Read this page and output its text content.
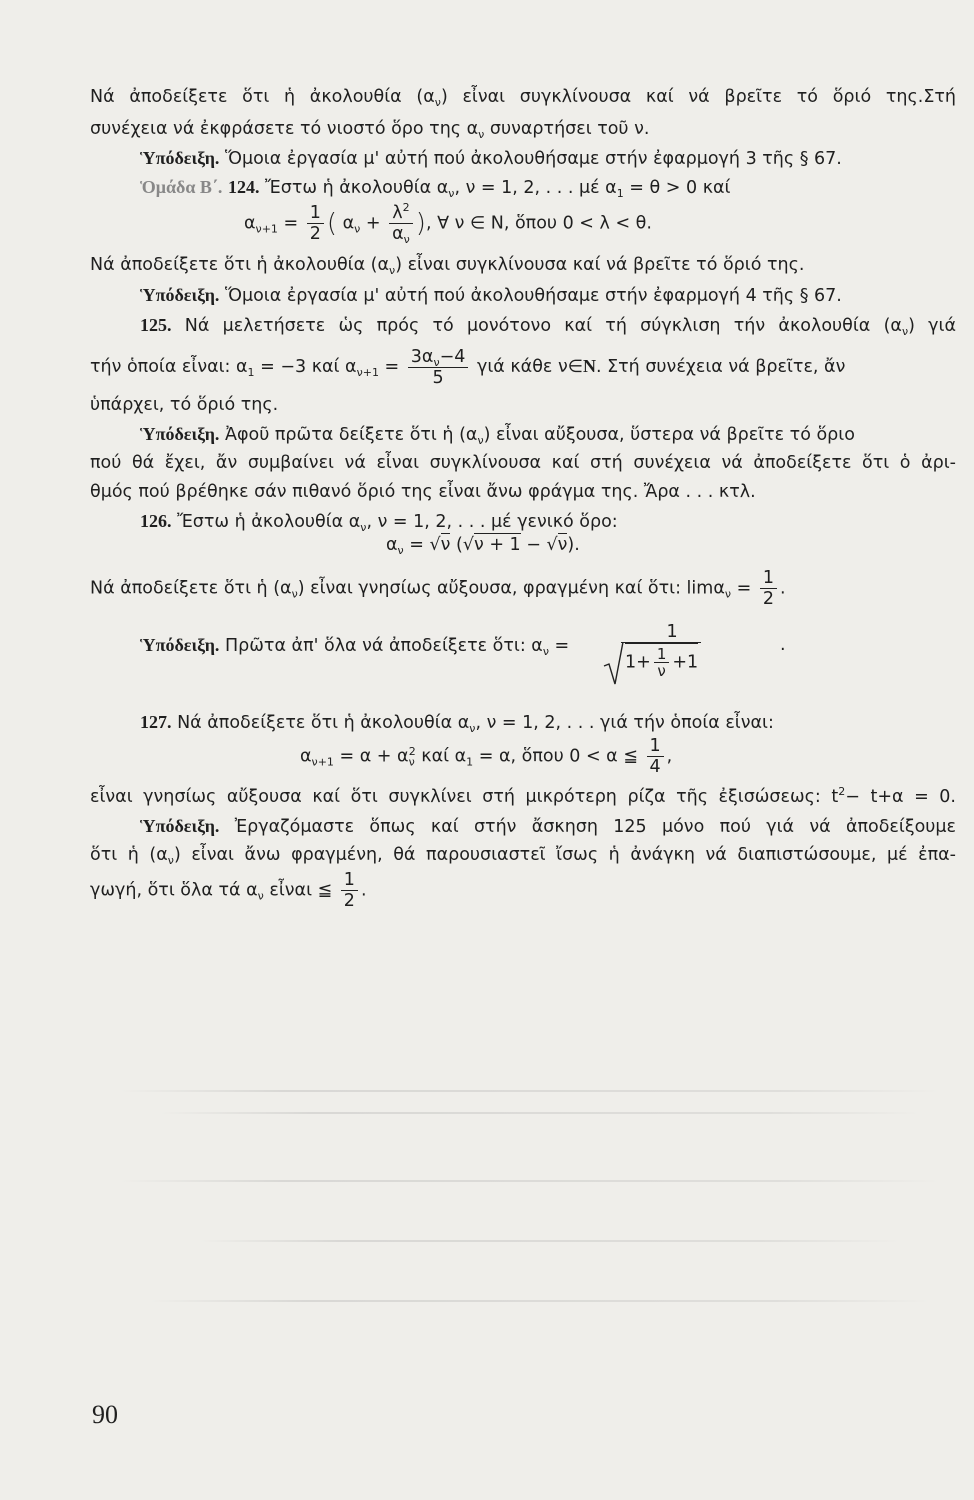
Νά ἀποδείξετε ὅτι ἡ ἀκολουθία $(\alpha_\nu)$ εἶναι συγκλίνουσα καί νά βρεῖτε τό ὅριό της.Στή
συνέχεια νά ἐκφράσετε τό νιοστό ὅρο της $\alpha_\nu$ συναρτήσει τοῦ ν.
Ὑπόδειξη. Ὅμοια ἐργασία μ' αὐτή πού ἀκολουθήσαμε στήν ἐφαρμογή 3 τῆς § 67.
Ὁμάδα Β΄. 124. Ἔστω ἡ ἀκολουθία $\alpha_\nu$, ν = 1, 2, . . . μέ $\alpha_1 = \theta > 0$ καί
$\alpha_{\nu+1} = \frac{1}{2}$ ( $\alpha_\nu + \frac{\lambda^2}{\alpha_\nu}$ ), ∀ ν ∈ N, ὅπου 0 < λ < θ.
Νά ἀποδείξετε ὅτι ἡ ἀκολουθία $(\alpha_\nu)$ εἶναι συγκλίνουσα καί νά βρεῖτε τό ὅριό της.
Ὑπόδειξη. Ὅμοια ἐργασία μ' αὐτή πού ἀκολουθήσαμε στήν ἐφαρμογή 4 τῆς § 67.
125. Νά μελετήσετε ὡς πρός τό μονότονο καί τή σύγκλιση τήν ἀκολουθία $(\alpha_\nu)$ γιά
τήν ὁποία εἶναι: $\alpha_1 = -3$ καί $\alpha_{\nu+1} = \frac{3\alpha_\nu-4}{5}$ γιά κάθε ν∈N. Στή συνέχεια νά βρεῖτε, ἄν
ὑπάρχει, τό ὅριό της.
Ὑπόδειξη. Ἀφοῦ πρῶτα δείξετε ὅτι ἡ $(\alpha_\nu)$ εἶναι αὔξουσα, ὕστερα νά βρεῖτε τό ὅριο
πού θά ἔχει, ἄν συμβαίνει νά εἶναι συγκλίνουσα καί στή συνέχεια νά ἀποδείξετε ὅτι ὁ ἀρι-
θμός πού βρέθηκε σάν πιθανό ὅριό της εἶναι ἄνω φράγμα της. Ἄρα . . . κτλ.
126. Ἔστω ἡ ἀκολουθία $\alpha_\nu$, ν = 1, 2, . . . μέ γενικό ὅρο:
$\alpha_\nu = √\nu$ (√ν + 1 − √ν).
Νά ἀποδείξετε ὅτι ἡ $(\alpha_\nu)$ εἶναι γνησίως αὔξουσα, φραγμένη καί ὅτι: $\lim\alpha_\nu = \frac{1}{2}$ .
Ὑπόδειξη. Πρῶτα ἀπ' ὅλα νά ἀποδείξετε ὅτι: $\alpha_\nu$ =	$\frac{1}{1+ \frac{1}{\nu} +1}$	.
127. Νά ἀποδείξετε ὅτι ἡ ἀκολουθία $\alpha_\nu$, ν = 1, 2, . . . γιά τήν ὁποία εἶναι:
$\alpha_{\nu+1} = \alpha + \alpha_\nu^2$ καί $\alpha_1 = \alpha$, ὅπου 0 < α ≦ $\frac{1}{4}$ ,
εἶναι γνησίως αὔξουσα καί ὅτι συγκλίνει στή μικρότερη ρίζα τῆς ἐξισώσεως: $t^2- t+\alpha = 0$.
Ὑπόδειξη. Ἐργαζόμαστε ὅπως καί στήν ἄσκηση 125 μόνο πού γιά νά ἀποδείξουμε
ὅτι ἡ $(\alpha_\nu)$ εἶναι ἄνω φραγμένη, θά παρουσιαστεῖ ἴσως ἡ ἀνάγκη νά διαπιστώσουμε, μέ ἐπα-
γωγή, ὅτι ὅλα τά $\alpha_\nu$ εἶναι ≦ $\frac{1}{2}$ .
90
